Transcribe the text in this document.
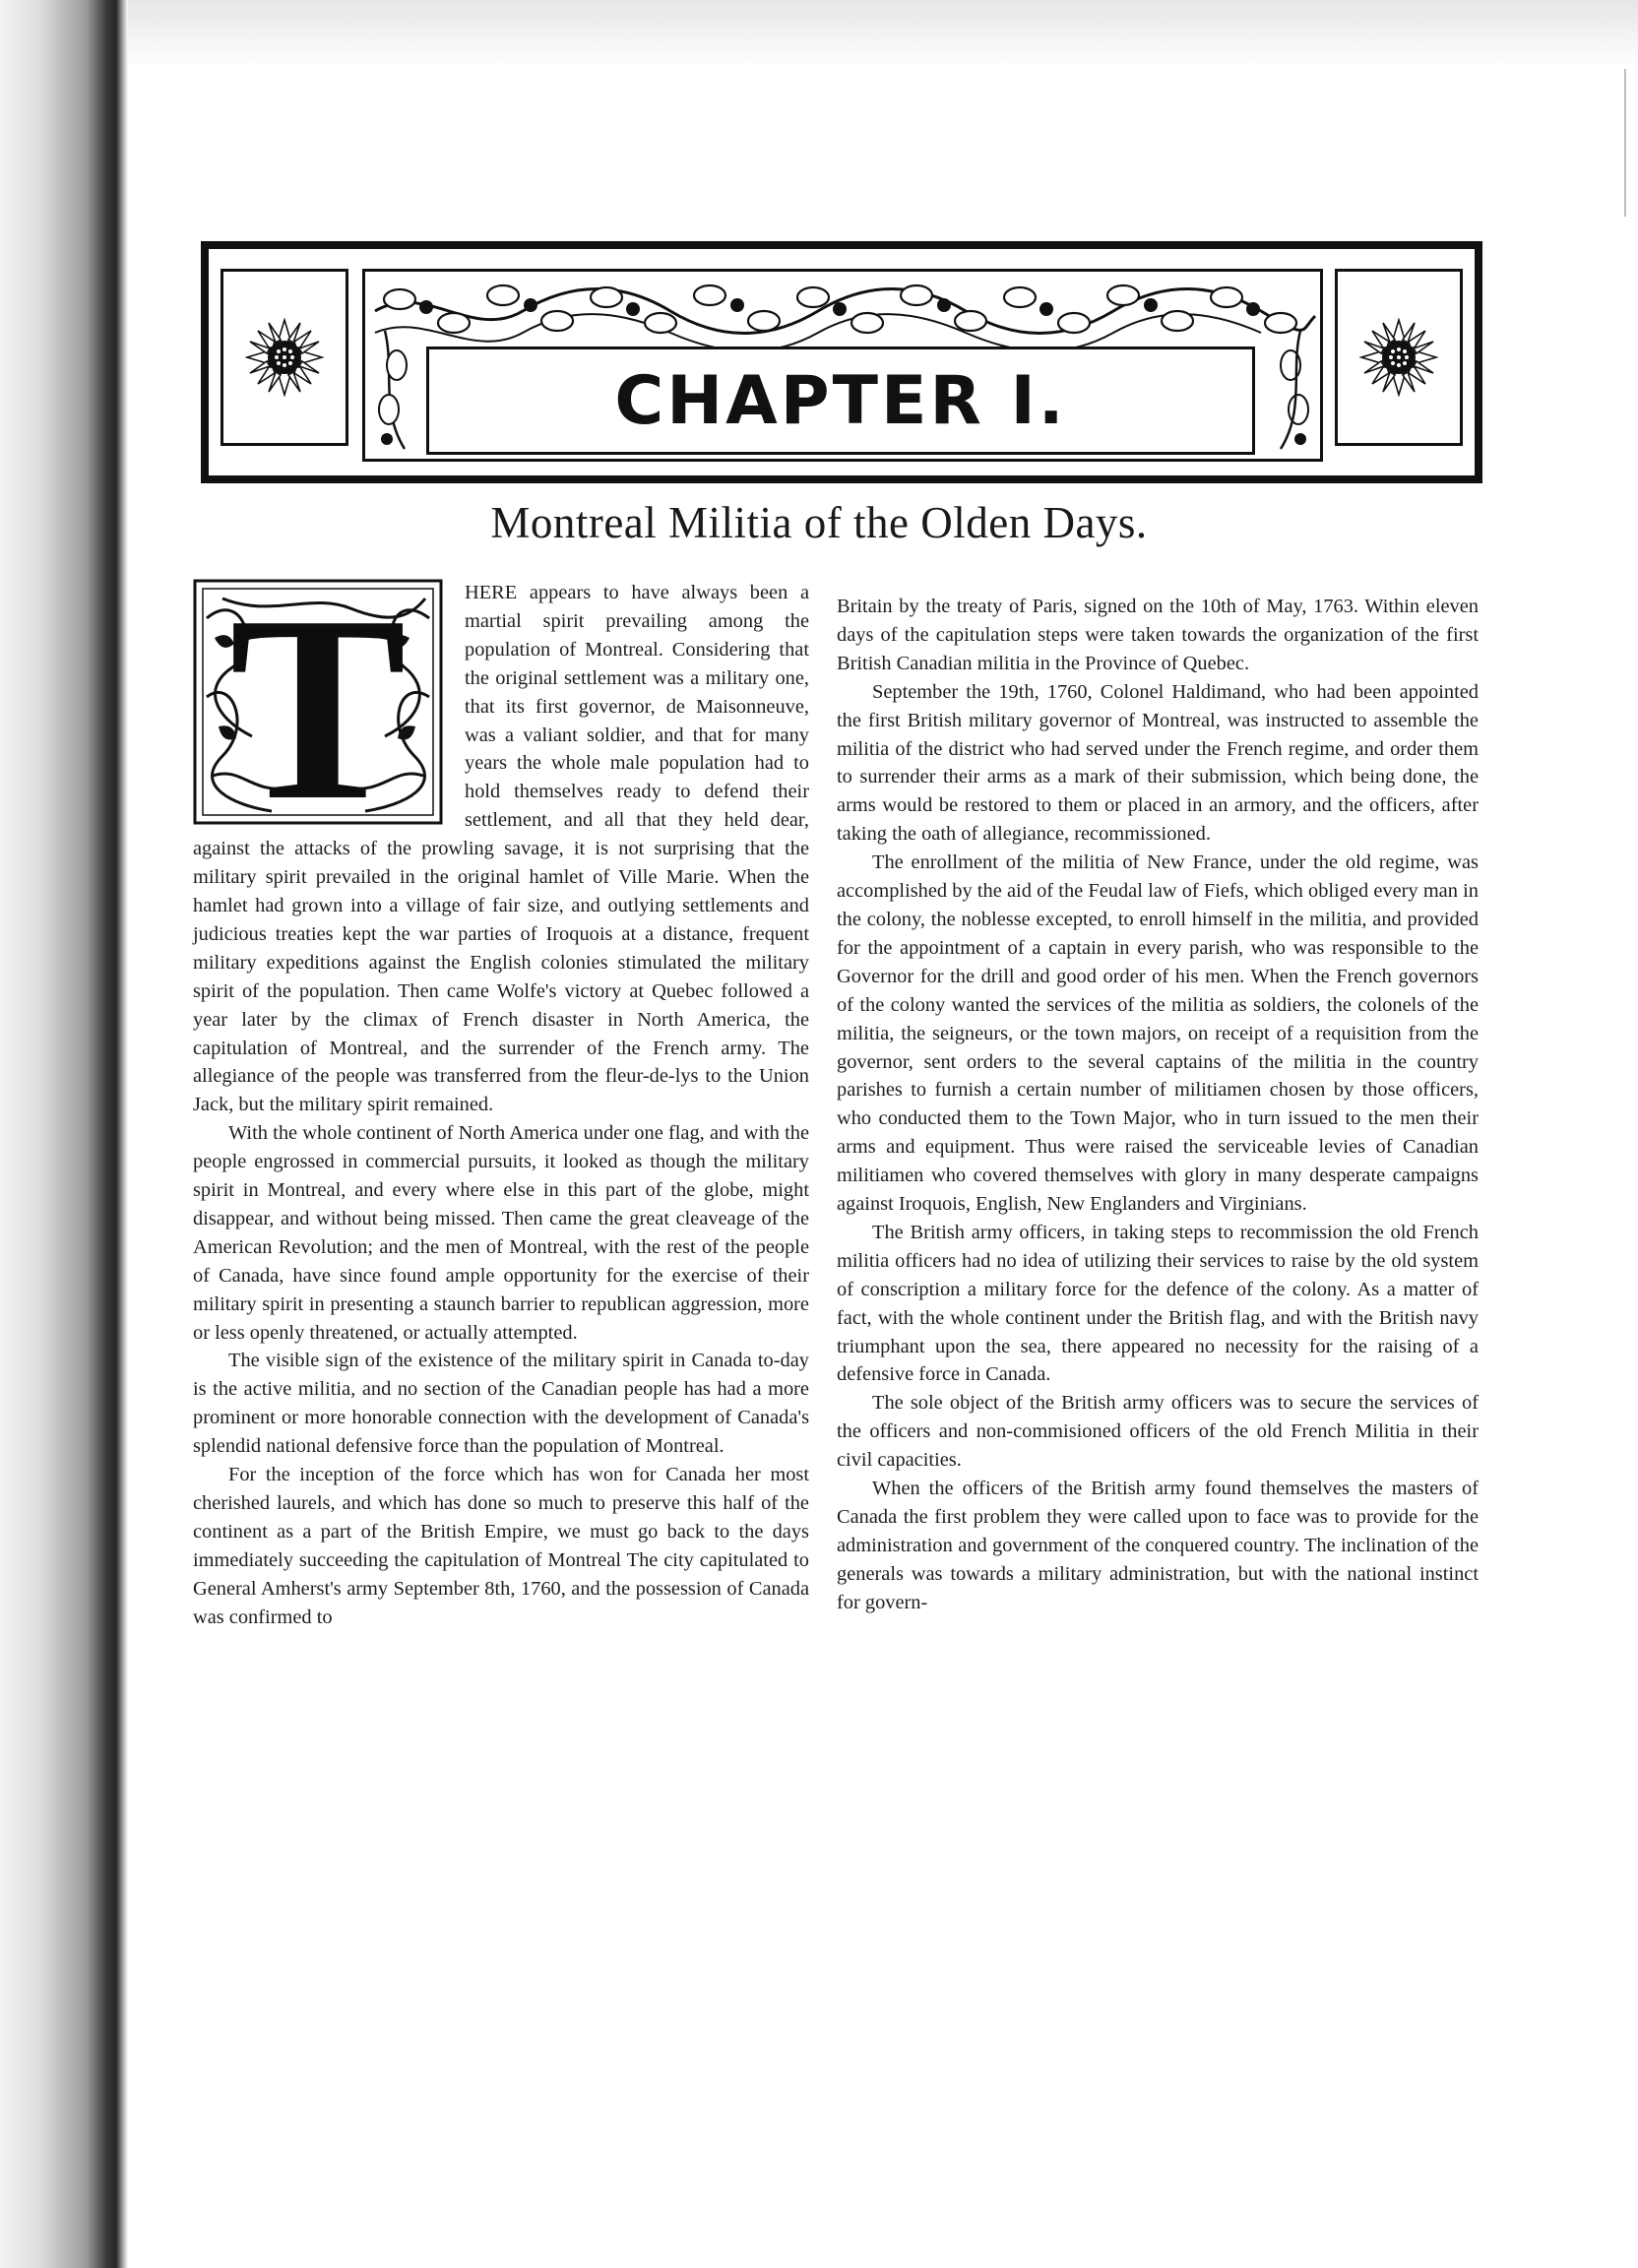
CHAPTER I.
Montreal Militia of the Olden Days.
T	HERE appears to have always been a martial spirit prevailing among the population of Montreal. Considering that the original settlement was a military one, that its first governor, de Maisonneuve, was a valiant soldier, and that for many years the whole male population had to hold themselves ready to defend their settlement, and all that they held dear, against the attacks of the prowling savage, it is not surprising that the military spirit prevailed in the original hamlet of Ville Marie. When the hamlet had grown into a village of fair size, and outlying settlements and judicious treaties kept the war parties of Iroquois at a distance, frequent military expeditions against the English colonies stimulated the military spirit of the population. Then came Wolfe's victory at Quebec followed a year later by the climax of French disaster in North America, the capitulation of Montreal, and the surrender of the French army. The allegiance of the people was transferred from the fleur-de-lys to the Union Jack, but the military spirit remained.

With the whole continent of North America under one flag, and with the people engrossed in commercial pursuits, it looked as though the military spirit in Montreal, and every where else in this part of the globe, might disappear, and without being missed. Then came the great cleaveage of the American Revolution; and the men of Montreal, with the rest of the people of Canada, have since found ample opportunity for the exercise of their military spirit in presenting a staunch barrier to republican aggression, more or less openly threatened, or actually attempted.

The visible sign of the existence of the military spirit in Canada to-day is the active militia, and no section of the Canadian people has had a more prominent or more honorable connection with the development of Canada's splendid national defensive force than the population of Montreal.

For the inception of the force which has won for Canada her most cherished laurels, and which has done so much to preserve this half of the continent as a part of the British Empire, we must go back to the days immediately succeeding the capitulation of Montreal The city capitulated to General Amherst's army September 8th, 1760, and the possession of Canada was confirmed to

Britain by the treaty of Paris, signed on the 10th of May, 1763. Within eleven days of the capitulation steps were taken towards the organization of the first British Canadian militia in the Province of Quebec.

September the 19th, 1760, Colonel Haldimand, who had been appointed the first British military governor of Montreal, was instructed to assemble the militia of the district who had served under the French regime, and order them to surrender their arms as a mark of their submission, which being done, the arms would be restored to them or placed in an armory, and the officers, after taking the oath of allegiance, recommissioned.

The enrollment of the militia of New France, under the old regime, was accomplished by the aid of the Feudal law of Fiefs, which obliged every man in the colony, the noblesse excepted, to enroll himself in the militia, and provided for the appointment of a captain in every parish, who was responsible to the Governor for the drill and good order of his men. When the French governors of the colony wanted the services of the militia as soldiers, the colonels of the militia, the seigneurs, or the town majors, on receipt of a requisition from the governor, sent orders to the several captains of the militia in the country parishes to furnish a certain number of militiamen chosen by those officers, who conducted them to the Town Major, who in turn issued to the men their arms and equipment. Thus were raised the serviceable levies of Canadian militiamen who covered themselves with glory in many desperate campaigns against Iroquois, English, New Englanders and Virginians.

The British army officers, in taking steps to recommission the old French militia officers had no idea of utilizing their services to raise by the old system of conscription a military force for the defence of the colony. As a matter of fact, with the whole continent under the British flag, and with the British navy triumphant upon the sea, there appeared no necessity for the raising of a defensive force in Canada.

The sole object of the British army officers was to secure the services of the officers and non-commisioned officers of the old French Militia in their civil capacities.

When the officers of the British army found themselves the masters of Canada the first problem they were called upon to face was to provide for the administration and government of the conquered country. The inclination of the generals was towards a military administration, but with the national instinct for govern-
